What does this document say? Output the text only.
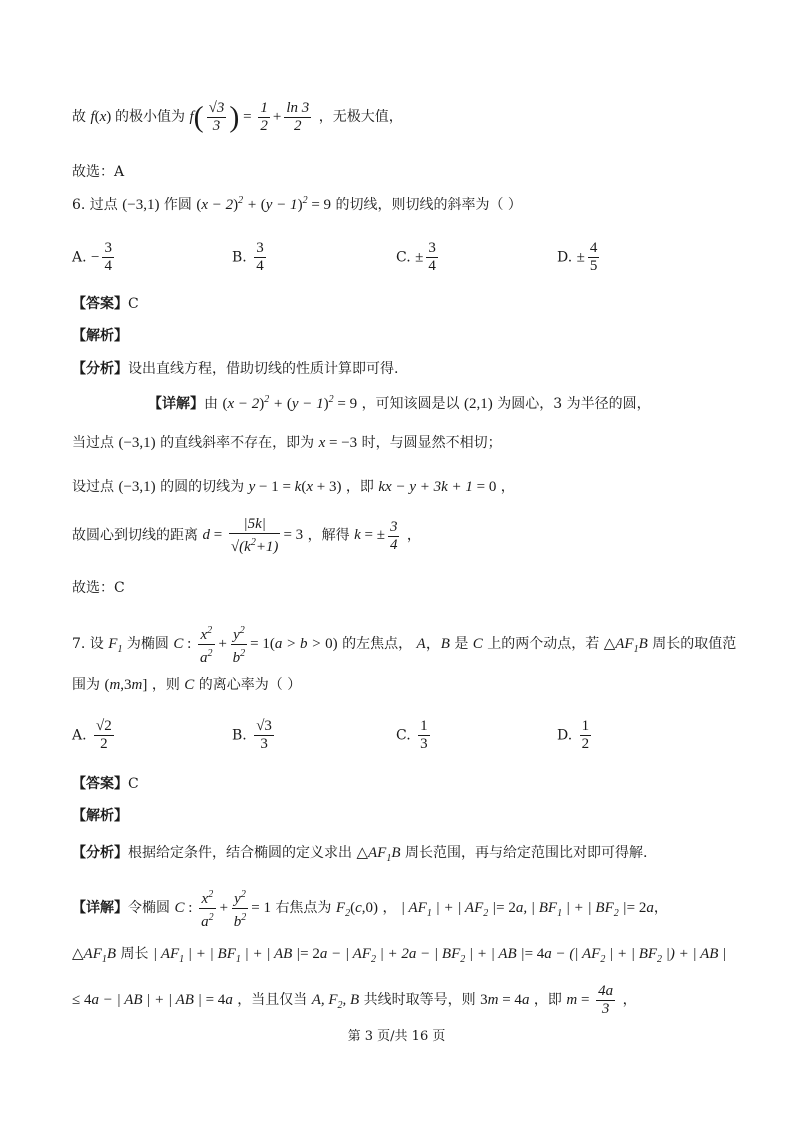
故 f(x) 的极小值为 $f( \frac{√3}{3}$ ) = $\frac{1}{2} + \frac{\ln 3}{2}$ ，无极大值，
故选：A
6. 过点 (−3,1) 作圆 $(x - 2)^2 + (y - 1)^2 = 9$ 的切线，则切线的斜率为（ ）
A. − $\frac{3}{4}$	B. $\frac{3}{4}$	C. ± $\frac{3}{4}$	D. ± $\frac{4}{5}$
【答案】C
【解析】
【分析】设出直线方程，借助切线的性质计算即可得.
【详解】由 $(x - 2)^2 + (y - 1)^2 = 9$ ，可知该圆是以 (2,1) 为圆心，3 为半径的圆，
当过点 (−3,1) 的直线斜率不存在，即为 x = −3 时，与圆显然不相切；
设过点 (−3,1) 的圆的切线为 y − 1 = k(x + 3) ，即 kx − y + 3k + 1 = 0 ，
故圆心到切线的距离 $d = \frac{|5k|}{√(k^2+1)} = 3$ ，解得 k = ± $\frac{3}{4}$ ，
故选：C
7. 设 $F_1$ 为椭圆 C : $\frac{x^2}{a^2} + \frac{y^2}{b^2} = 1(a > b > 0)$ 的左焦点， A，B 是 C 上的两个动点，若 $\triangle AF_1B$ 周长的取值范
围为 (m,3m] ，则 C 的离心率为（ ）
A. $\frac{√2}{2}$	B. $\frac{√3}{3}$	C. $\frac{1}{3}$	D. $\frac{1}{2}$
【答案】C
【解析】
【分析】根据给定条件，结合椭圆的定义求出 $\triangle AF_1B$ 周长范围，再与给定范围比对即可得解.
【详解】令椭圆 C : $\frac{x^2}{a^2} + \frac{y^2}{b^2} = 1$ 右焦点为 $F_2(c,0)$ ， | $AF_1$ | + | $AF_2$ |= 2a, | $BF_1$ | + | $BF_2$ |= 2a，
$\triangle AF_1B$ 周长 | $AF_1$ | + | $BF_1$ | + | AB |= 2a − | $AF_2$ | + 2a − | $BF_2$ | + | AB |= 4a − (| $AF_2$ | + | $BF_2$ |) + | AB |
≤ 4a − | AB | + | AB | = 4a ，当且仅当 A, $F_2$, B 共线时取等号，则 3m = 4a ，即 $m = \frac{4a}{3}$ ，
第 3 页/共 16 页
